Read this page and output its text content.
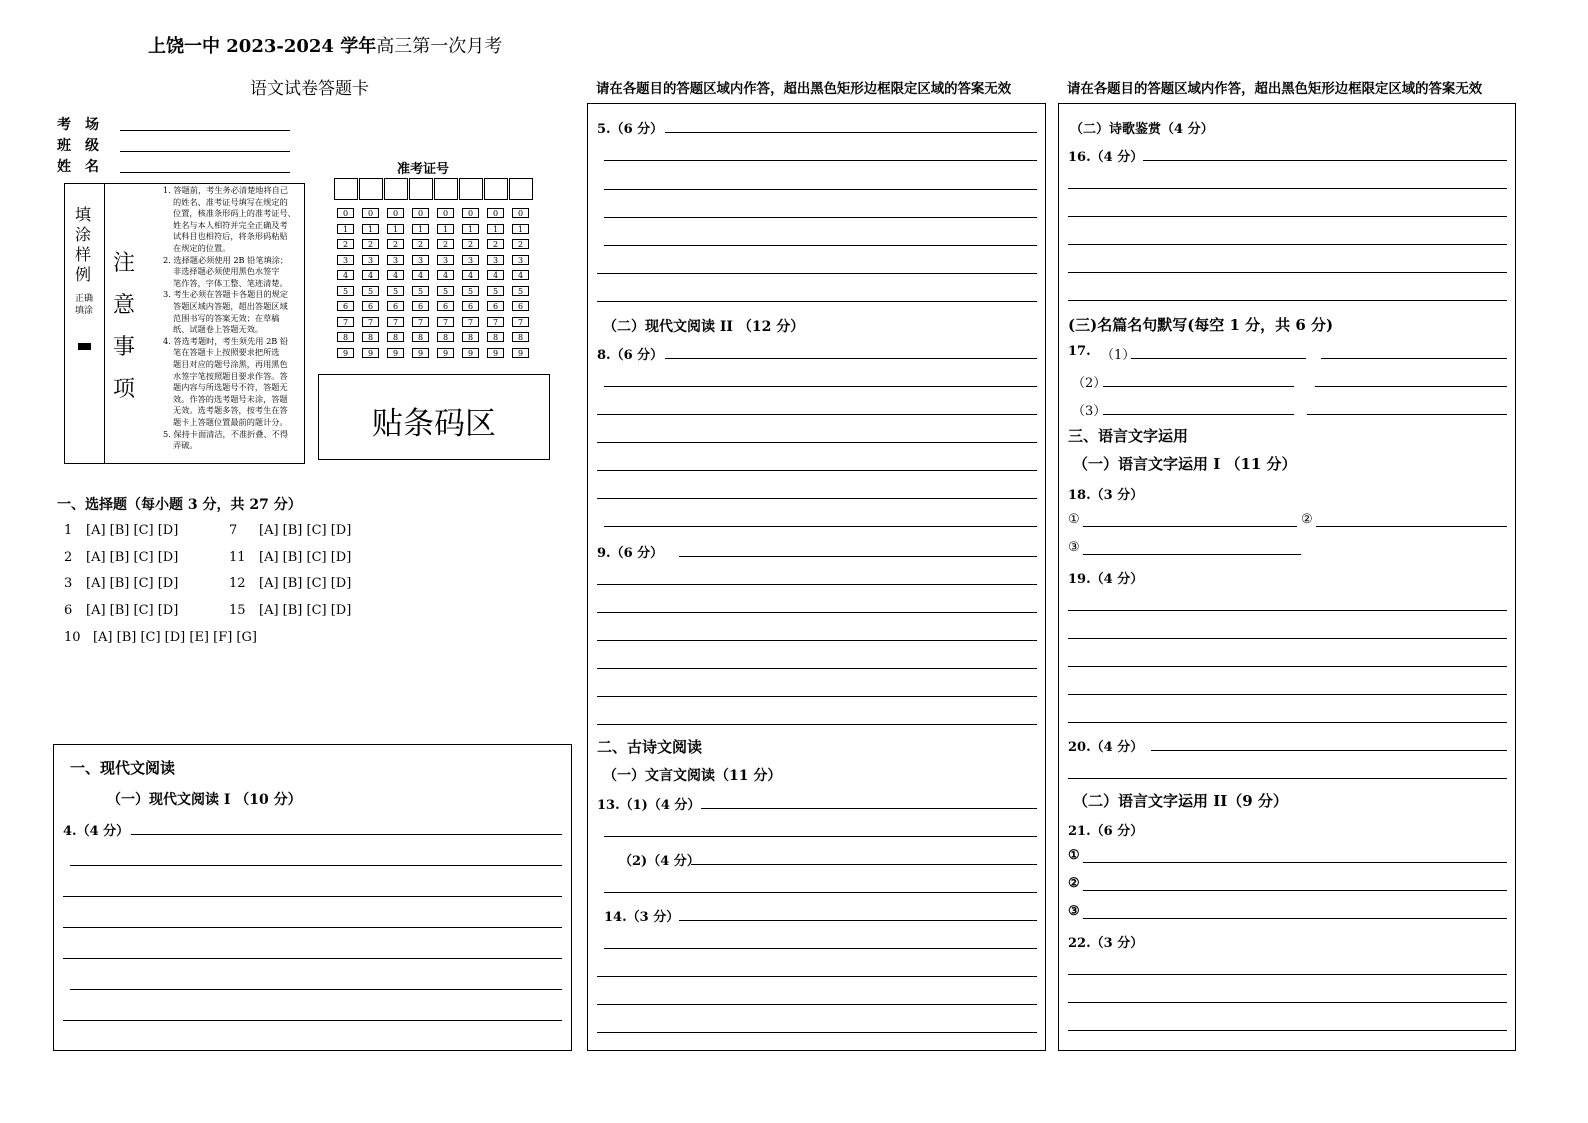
上饶一中 2023-2024 学年高三第一次月考
语文试卷答题卡
考　场
班　级
姓　名
填
涂
样
例
正确
填涂
注
意
事
项
1. 答题前，考生务必清楚地将自己
的姓名、准考证号填写在规定的
位置，核准条形码上的准考证号、
姓名与本人相符并完全正确及考
试科目也相符后，将条形码粘贴
在规定的位置。
2. 选择题必须使用 2B 铅笔填涂；
非选择题必须使用黑色水签字
笔作答，字体工整、笔迹清楚。
3. 考生必须在答题卡各题目的规定
答题区域内答题，超出答题区域
范围书写的答案无效；在草稿
纸、试题卷上答题无效。
4. 答选考题时，考生须先用 2B 铅
笔在答题卡上按照要求把所选
题目对应的题号涂黑，再用黑色
水签字笔按照题目要求作答。答
题内容与所选题号不符，答题无
效。作答的选考题号未涂，答题
无效。选考题多答，按考生在答
题卡上答题位置最前的题计分。
5. 保持卡面清洁，不准折叠、不得
弄破。
准考证号
0
1
2
3
4
5
6
7
8
9
0
1
2
3
4
5
6
7
8
9
0
1
2
3
4
5
6
7
8
9
0
1
2
3
4
5
6
7
8
9
0
1
2
3
4
5
6
7
8
9
0
1
2
3
4
5
6
7
8
9
0
1
2
3
4
5
6
7
8
9
0
1
2
3
4
5
6
7
8
9
贴条码区
一、选择题（每小题 3 分，共 27 分）
1 [A] [B] [C] [D]
2 [A] [B] [C] [D]
3 [A] [B] [C] [D]
6 [A] [B] [C] [D]
7 [A] [B] [C] [D]
11 [A] [B] [C] [D]
12 [A] [B] [C] [D]
15 [A] [B] [C] [D]
10 [A] [B] [C] [D] [E] [F] [G]
一、现代文阅读
（一）现代文阅读 I （10 分）
4.（4 分）
请在各题目的答题区域内作答，超出黑色矩形边框限定区域的答案无效
5.（6 分）
（二）现代文阅读 II （12 分）
8.（6 分）
9.（6 分）
二、古诗文阅读
（一）文言文阅读（11 分）
13.（1)（4 分）
（2)（4 分）
14.（3 分）
请在各题目的答题区域内作答，超出黑色矩形边框限定区域的答案无效
（二）诗歌鉴赏（4 分）
16.（4 分）
(三)名篇名句默写(每空 1 分，共 6 分)
17. （1）
（2）
（3）
三、语言文字运用
（一）语言文字运用 I （11 分）
18.（3 分）
①	②
③
19.（4 分）
20.（4 分）
（二）语言文字运用 II（9 分）
21.（6 分）
①
②
③
22.（3 分）
